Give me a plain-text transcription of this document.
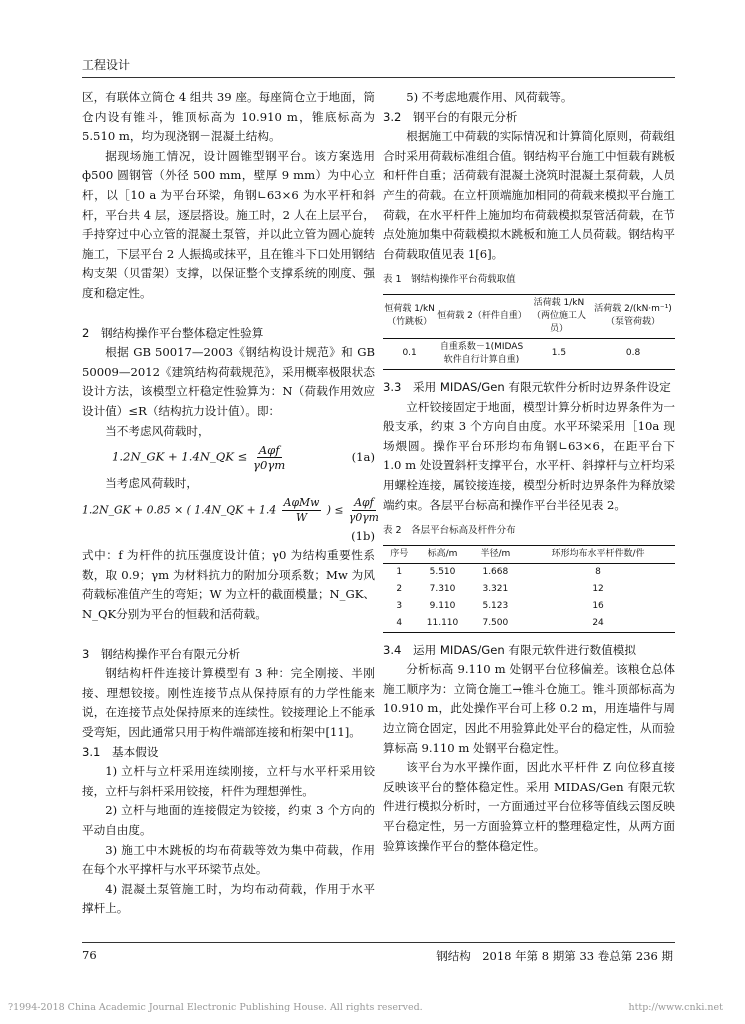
工程设计

区，有联体立筒仓 4 组共 39 座。每座筒仓立于地面，筒仓内设有锥斗，锥顶标高为 10.910 m，锥底标高为 5.510 m，均为现浇钢－混凝土结构。

据现场施工情况，设计圆锥型钢平台。该方案选用 ф500 圆钢管（外径 500 mm，壁厚 9 mm）为中心立杆，以［10 a 为平台环梁，角钢∟63×6 为水平杆和斜杆，平台共 4 层，逐层搭设。施工时，2 人在上层平台，手持穿过中心立管的混凝土泵管，并以此立管为圆心旋转施工，下层平台 2 人振捣或抹平，且在锥斗下口处用钢结构支架（贝雷架）支撑，以保证整个支撑系统的刚度、强度和稳定性。

2　钢结构操作平台整体稳定性验算

根据 GB 50017—2003《钢结构设计规范》和 GB 50009—2012《建筑结构荷载规范》，采用概率极限状态设计方法，该模型立杆稳定性验算为：N（荷载作用效应设计值）≤R（结构抗力设计值）。即：

当不考虑风荷载时，

1.2N_GK + 1.4N_QK ≤ $\frac{\text{Aφf}}{\gamma 0\gamma m}$	(1a)

当考虑风荷载时，

1.2N_GK + 0.85 × ( 1.4N_QK + $1.4 \frac{\text{AφMw}}{W}$ ) ≤ $\frac{\text{Aφf}}{\gamma 0\gamma m}$
(1b)

式中：f 为杆件的抗压强度设计值；γ0 为结构重要性系数，取 0.9；γm 为材料抗力的附加分项系数；Mw 为风荷载标准值产生的弯矩；W 为立杆的截面模量；N_GK、N_QK分别为平台的恒载和活荷载。

3　钢结构操作平台有限元分析

钢结构杆件连接计算模型有 3 种：完全刚接、半刚接、理想铰接。刚性连接节点从保持原有的力学性能来说，在连接节点处保持原来的连续性。铰接理论上不能承受弯矩，因此通常只用于构件端部连接和桁架中[11]。

3.1　基本假设

1) 立杆与立杆采用连续刚接，立杆与水平杆采用铰接，立杆与斜杆采用铰接，杆件为理想弹性。

2) 立杆与地面的连接假定为铰接，约束 3 个方向的平动自由度。

3) 施工中木跳板的均布荷载等效为集中荷载，作用在每个水平撑杆与水平环梁节点处。

4) 混凝土泵管施工时，为均布动荷载，作用于水平撑杆上。

5) 不考虑地震作用、风荷载等。

3.2　钢平台的有限元分析

根据施工中荷载的实际情况和计算简化原则，荷载组合时采用荷载标准组合值。钢结构平台施工中恒载有跳板和杆件自重；活荷载有混凝土浇筑时混凝土泵荷载，人员产生的荷载。在立杆顶端施加相同的荷载来模拟平台施工荷载，在水平杆件上施加均布荷载模拟泵管活荷载，在节点处施加集中荷载模拟木跳板和施工人员荷载。钢结构平台荷载取值见表 1[6]。

表 1　钢结构操作平台荷载取值

恒荷载 1/kN（竹跳板）	恒荷载 2（杆件自重）	活荷载 1/kN（两位施工人员）	活荷载 2/(kN·m⁻¹)（泵管荷载）
0.1	自重系数－1(MIDAS 软件自行计算自重)	1.5	0.8

3.3　采用 MIDAS/Gen 有限元软件分析时边界条件设定

立杆铰接固定于地面，模型计算分析时边界条件为一般支承，约束 3 个方向自由度。水平环梁采用［10a 现场煨圆。操作平台环形均布角钢∟63×6，在距平台下 1.0 m 处设置斜杆支撑平台，水平杆、斜撑杆与立杆均采用螺栓连接，属铰接连接，模型分析时边界条件为释放梁端约束。各层平台标高和操作平台半径见表 2。

表 2　各层平台标高及杆件分布

序号	标高/m	半径/m	环形均布水平杆件数/件
1	5.510	1.668	8
2	7.310	3.321	12
3	9.110	5.123	16
4	11.110	7.500	24

3.4　运用 MIDAS/Gen 有限元软件进行数值模拟

分析标高 9.110 m 处钢平台位移偏差。该粮仓总体施工顺序为：立筒仓施工→锥斗仓施工。锥斗顶部标高为 10.910 m，此处操作平台可上移 0.2 m，用连墙件与周边立筒仓固定，因此不用验算此处平台的稳定性，从而验算标高 9.110 m 处钢平台稳定性。

该平台为水平操作面，因此水平杆件 Z 向位移直接反映该平台的整体稳定性。采用 MIDAS/Gen 有限元软件进行模拟分析时，一方面通过平台位移等值线云图反映平台稳定性，另一方面验算立杆的整理稳定性，从两方面验算该操作平台的整体稳定性。

76	钢结构　2018 年第 8 期第 33 卷总第 236 期
?1994-2018 China Academic Journal Electronic Publishing House. All rights reserved.	http://www.cnki.net
